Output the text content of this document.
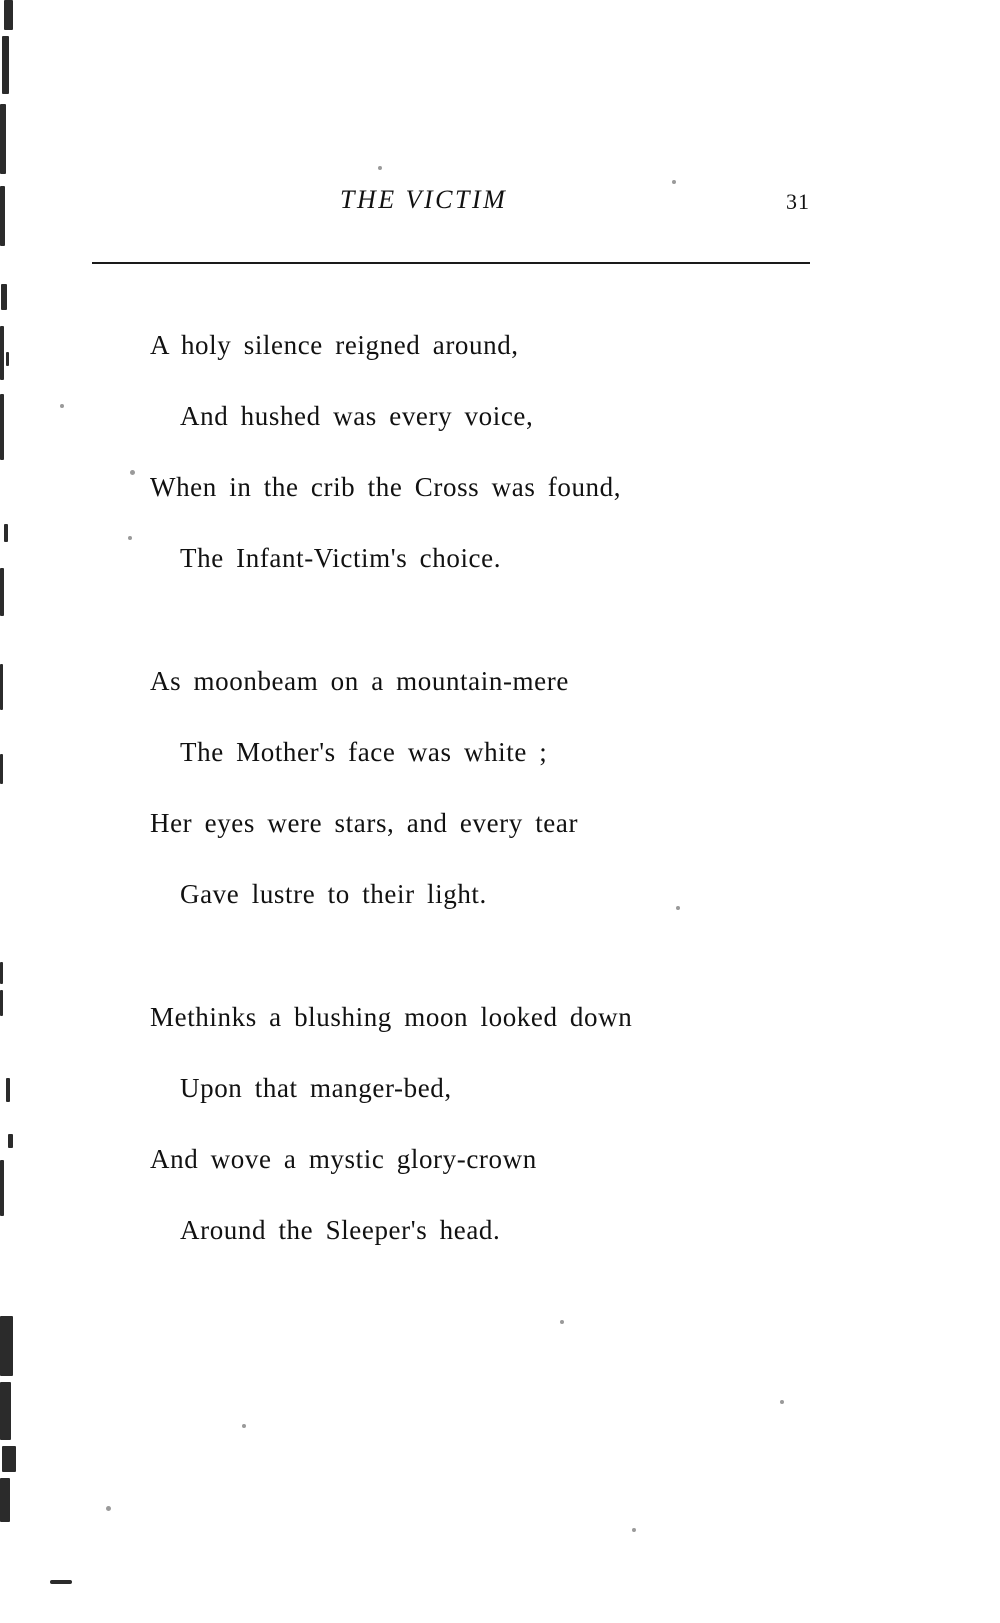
THE VICTIM	31
A holy silence reigned around,
And hushed was every voice,
When in the crib the Cross was found,
The Infant-Victim's choice.
As moonbeam on a mountain-mere
The Mother's face was white ;
Her eyes were stars, and every tear
Gave lustre to their light.
Methinks a blushing moon looked down
Upon that manger-bed,
And wove a mystic glory-crown
Around the Sleeper's head.
